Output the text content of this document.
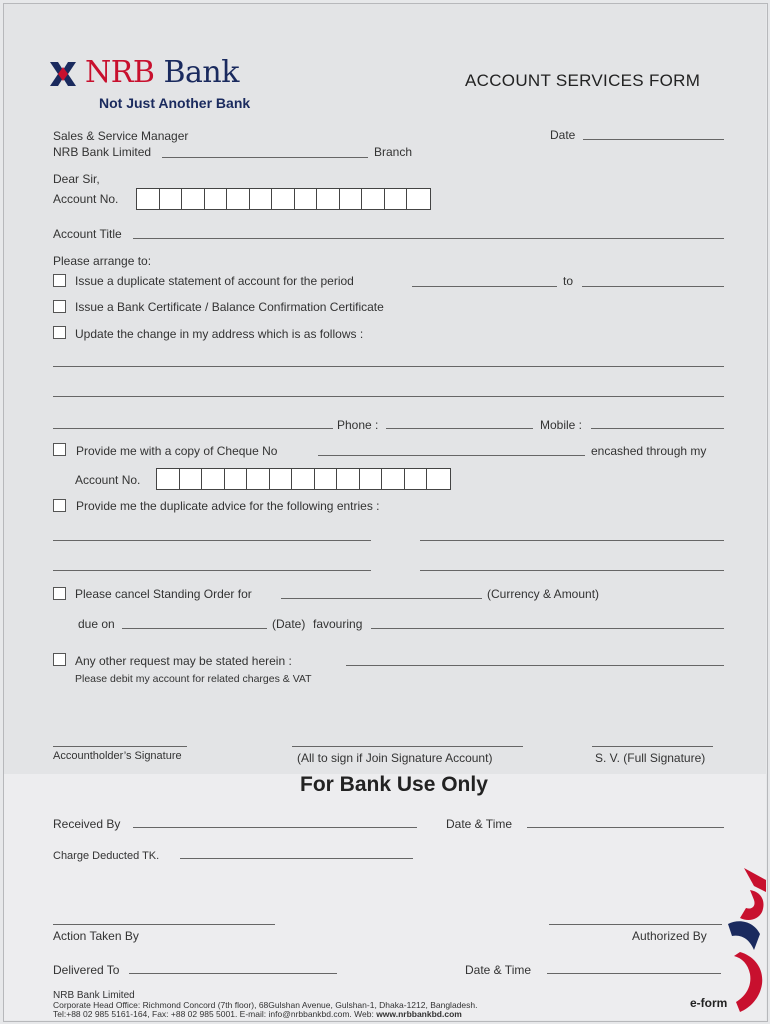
NRB Bank
Not Just Another Bank
ACCOUNT SERVICES FORM
Sales & Service Manager
NRB Bank Limited	Branch
Date
Dear Sir,
Account No.
Account Title
Please arrange to:
Issue a duplicate statement of account for the period	to
Issue a Bank Certificate / Balance Confirmation Certificate
Update the change in my address which is as follows :
Phone :	Mobile :
Provide me with a copy of Cheque No	encashed through my
Account No.
Provide me the duplicate advice for the following entries :
Please cancel Standing Order for	(Currency & Amount)
due on	(Date) favouring
Any other request may be stated herein :
Please debit my account for related charges & VAT
Accountholder’s Signature	(All to sign if Join Signature Account)	S. V. (Full Signature)
For Bank Use Only
Received By	Date & Time
Charge Deducted TK.
Action Taken By	Authorized By
Delivered To	Date & Time
NRB Bank Limited
Corporate Head Office: Richmond Concord (7th floor), 68Gulshan Avenue, Gulshan-1, Dhaka-1212, Bangladesh.
Tel:+88 02 985 5161-164, Fax: +88 02 985 5001. E-mail: info@nrbbankbd.com. Web: www.nrbbankbd.com
e-form
